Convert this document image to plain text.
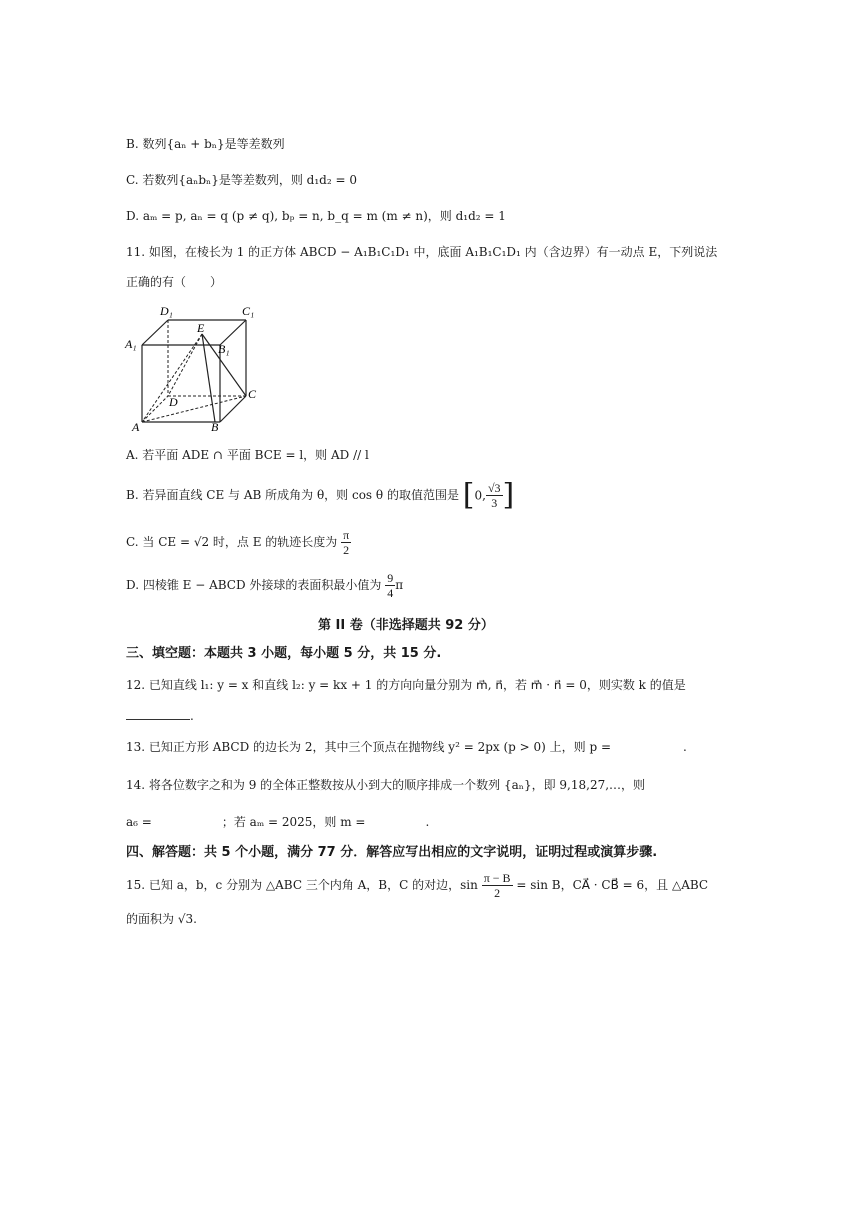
B. 数列{aₙ + bₙ}是等差数列
C. 若数列{aₙbₙ}是等差数列，则 d₁d₂ = 0
D. aₘ = p, aₙ = q (p ≠ q), bₚ = n, b_q = m (m ≠ n)，则 d₁d₂ = 1
11. 如图，在棱长为 1 的正方体 ABCD − A₁B₁C₁D₁ 中，底面 A₁B₁C₁D₁ 内（含边界）有一动点 E，下列说法
正确的有（　　）
D₁	C₁
A₁
E
B₁
D
C
A	B
A. 若平面 ADE ∩ 平面 BCE = l，则 AD // l
B. 若异面直线 CE 与 AB 所成角为 θ，则 cos θ 的取值范围是 [0, $\frac{√3}{3}$ ]
C. 当 CE = √2 时，点 E 的轨迹长度为 $\frac{\pi}{2}$
D. 四棱锥 E − ABCD 外接球的表面积最小值为 $\frac{9}{4}$ π
第 II 卷（非选择题共 92 分）
三、填空题：本题共 3 小题，每小题 5 分，共 15 分.
12. 已知直线 l₁: y = x 和直线 l₂: y = kx + 1 的方向向量分别为 m⃗, n⃗，若 m⃗ · n⃗ = 0，则实数 k 的值是
.
13. 已知正方形 ABCD 的边长为 2，其中三个顶点在抛物线 y² = 2px (p > 0) 上，则 p =	.
14. 将各位数字之和为 9 的全体正整数按从小到大的顺序排成一个数列 {aₙ}，即 9,18,27,…，则
a₆ =	；若 aₘ = 2025，则 m =	.
四、解答题：共 5 个小题，满分 77 分．解答应写出相应的文字说明，证明过程或演算步骤.
15. 已知 a，b，c 分别为 △ABC 三个内角 A，B，C 的对边，$\sin \frac{\pi - B}{2} = \sin B$，CA⃗ · CB⃗ = 6，且 △ABC
的面积为 √3.
